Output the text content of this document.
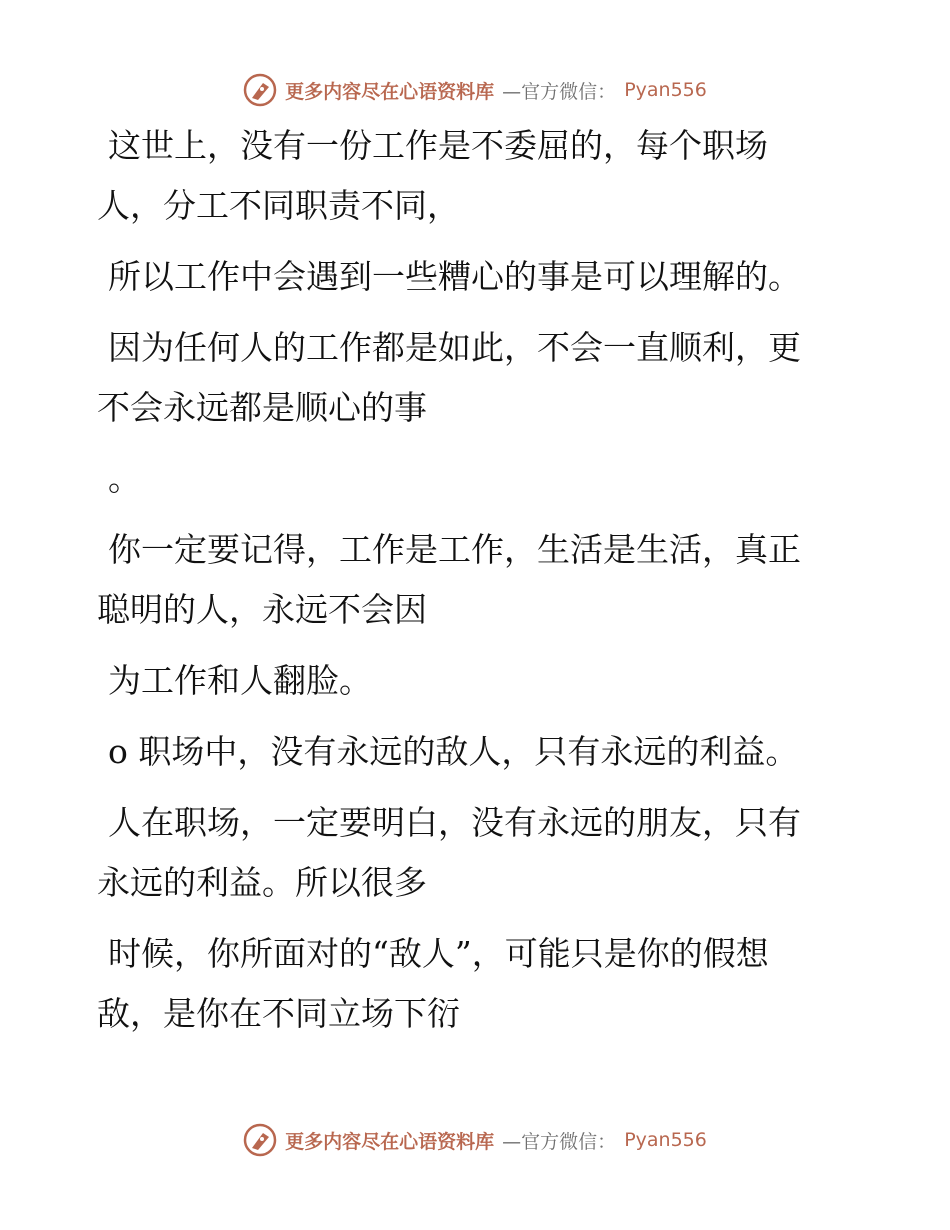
更多内容尽在心语资料库 —官方微信： Pyan556
这世上，没有一份工作是不委屈的，每个职场
人，分工不同职责不同，
所以工作中会遇到一些糟心的事是可以理解的。
因为任何人的工作都是如此，不会一直顺利，更
不会永远都是顺心的事
。
你一定要记得，工作是工作，生活是生活，真正
聪明的人，永远不会因
为工作和人翻脸。
o 职场中，没有永远的敌人，只有永远的利益。
人在职场，一定要明白，没有永远的朋友，只有
永远的利益。所以很多
时候，你所面对的“敌人”，可能只是你的假想
敌，是你在不同立场下衍
更多内容尽在心语资料库 —官方微信： Pyan556
